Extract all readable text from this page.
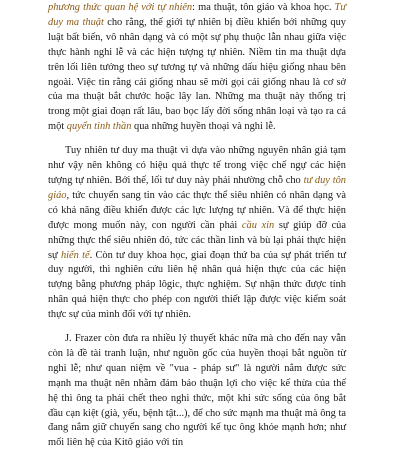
phương thức quan hệ với tự nhiên: ma thuật, tôn giáo và khoa học. Tư duy ma thuật cho rằng, thế giới tự nhiên bị điều khiển bởi những quy luật bất biến, vô nhân dạng và có một sự phụ thuộc lẫn nhau giữa việc thực hành nghi lễ và các hiện tượng tự nhiên. Niềm tin ma thuật dựa trên lối liên tưởng theo sự tương tự và những dấu hiệu giống nhau bên ngoài. Việc tin rằng cái giống nhau sẽ mời gọi cái giống nhau là cơ sở của ma thuật bắt chước hoặc lây lan. Những ma thuật này thống trị trong một giai đoạn rất lâu, bao bọc lấy đời sống nhân loại và tạo ra cả một quyển tinh thần qua những huyền thoại và nghi lễ.

Tuy nhiên tư duy ma thuật vì dựa vào những nguyên nhân giả tạm như vậy nên không có hiệu quả thực tế trong việc chế ngự các hiện tượng tự nhiên. Bởi thế, lối tư duy này phải nhường chỗ cho tư duy tôn giáo, tức chuyển sang tin vào các thực thể siêu nhiên có nhân dạng và có khả năng điều khiển được các lực lượng tự nhiên. Và để thực hiện được mong muốn này, con người cần phải cầu xin sự giúp đỡ của những thực thể siêu nhiên đó, tức các thần linh và bù lại phải thực hiện sự hiến tế. Còn tư duy khoa học, giai đoạn thứ ba của sự phát triển tư duy người, thì nghiên cứu liên hệ nhân quả hiện thực của các hiện tượng bằng phương pháp lôgic, thực nghiệm. Sự nhận thức được tính nhân quả hiện thực cho phép con người thiết lập được việc kiểm soát thực sự của mình đối với tự nhiên.

J. Frazer còn đưa ra nhiều lý thuyết khác nữa mà cho đến nay vẫn còn là đề tài tranh luận, như nguồn gốc của huyền thoại bắt nguồn từ nghi lễ; như quan niệm về "vua - pháp sư" là người nắm được sức mạnh ma thuật nên nhằm đảm bảo thuận lợi cho việc kế thừa của thế hệ thì ông ta phải chết theo nghi thức, một khi sức sống của ông bắt đầu cạn kiệt (già, yếu, bệnh tật...), để cho sức mạnh ma thuật mà ông ta đang nắm giữ chuyển sang cho người kế tục ông khỏe mạnh hơn; như mối liên hệ của Kitô giáo với tín
